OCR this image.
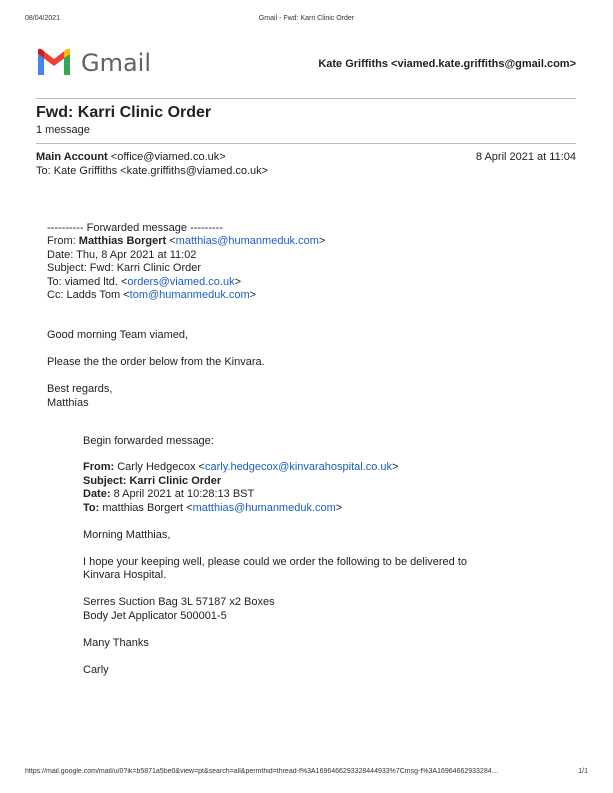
08/04/2021	Gmail - Fwd: Karri Clinic Order
Gmail	Kate Griffiths <viamed.kate.griffiths@gmail.com>
Fwd: Karri Clinic Order
1 message
Main Account <office@viamed.co.uk>	8 April 2021 at 11:04
To: Kate Griffiths <kate.griffiths@viamed.co.uk>
---------- Forwarded message ---------
From: Matthias Borgert <matthias@humanmeduk.com>
Date: Thu, 8 Apr 2021 at 11:02
Subject: Fwd: Karri Clinic Order
To: viamed ltd. <orders@viamed.co.uk>
Cc: Ladds Tom <tom@humanmeduk.com>
Good morning Team viamed,
Please the the order below from the Kinvara.
Best regards,
Matthias
Begin forwarded message:
From: Carly Hedgecox <carly.hedgecox@kinvarahospital.co.uk>
Subject: Karri Clinic Order
Date: 8 April 2021 at 10:28:13 BST
To: matthias Borgert <matthias@humanmeduk.com>
Morning Matthias,
I hope your keeping well, please could we order the following to be delivered to
Kinvara Hospital.
Serres Suction Bag 3L 57187 x2 Boxes
Body Jet Applicator 500001-5
Many Thanks
Carly
https://mail.google.com/mail/u/0?ik=b5871a5be0&view=pt&search=all&permthid=thread-f%3A1696466293328444933%7Cmsg-f%3A16964662933284…	1/1
